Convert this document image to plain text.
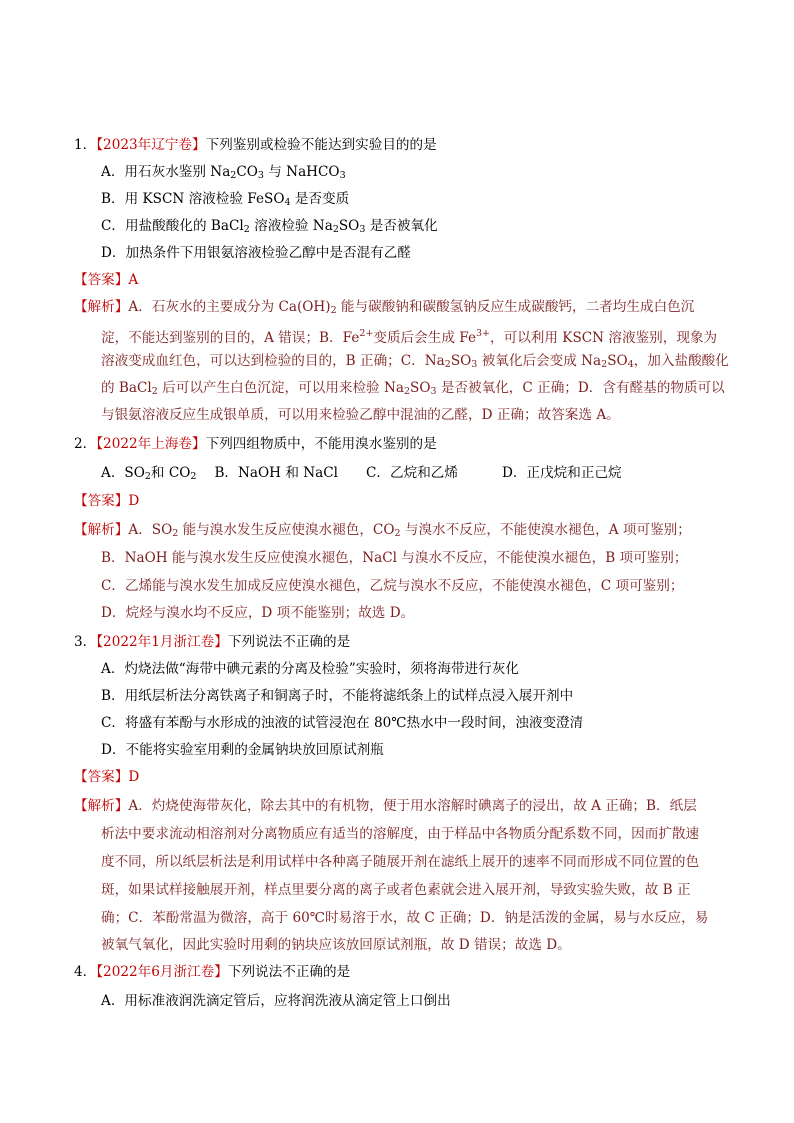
1．【2023年辽宁卷】下列鉴别或检验不能达到实验目的的是
A．用石灰水鉴别 $Na_2CO_3$ 与 NaHCO$_3$
B．用 KSCN 溶液检验 FeSO$_4$ 是否变质
C．用盐酸酸化的 BaCl$_2$ 溶液检验 $Na_2SO_3$ 是否被氧化
D．加热条件下用银氨溶液检验乙醇中是否混有乙醛
【答案】A
【解析】A．石灰水的主要成分为 $Ca(OH)_2$ 能与碳酸钠和碳酸氢钠反应生成碳酸钙，二者均生成白色沉
淀，不能达到鉴别的目的，A 错误；B．$Fe^{2+}$变质后会生成 $Fe^{3+}$，可以利用 KSCN 溶液鉴别，现象为
溶液变成血红色，可以达到检验的目的，B 正确；C．$Na_2SO_3$ 被氧化后会变成 $Na_2SO_4$，加入盐酸酸化
的 BaCl$_2$ 后可以产生白色沉淀，可以用来检验 $Na_2SO_3$ 是否被氧化，C 正确；D．含有醛基的物质可以
与银氨溶液反应生成银单质，可以用来检验乙醇中混油的乙醛，D 正确；故答案选 A。
2．【2022年上海卷】下列四组物质中，不能用溴水鉴别的是
A．$SO_2$和 $CO_2$ B．NaOH 和 NaCl C．乙烷和乙烯	D．正戊烷和正己烷
【答案】D
【解析】A．$SO_2$ 能与溴水发生反应使溴水褪色，$CO_2$ 与溴水不反应，不能使溴水褪色，A 项可鉴别；
B．NaOH 能与溴水发生反应使溴水褪色，NaCl 与溴水不反应，不能使溴水褪色，B 项可鉴别；
C．乙烯能与溴水发生加成反应使溴水褪色，乙烷与溴水不反应，不能使溴水褪色，C 项可鉴别；
D．烷烃与溴水均不反应，D 项不能鉴别；故选 D。
3．【2022年1月浙江卷】下列说法不正确的是
A．灼烧法做“海带中碘元素的分离及检验”实验时，须将海带进行灰化
B．用纸层析法分离铁离子和铜离子时，不能将滤纸条上的试样点浸入展开剂中
C．将盛有苯酚与水形成的浊液的试管浸泡在 80℃热水中一段时间，浊液变澄清
D．不能将实验室用剩的金属钠块放回原试剂瓶
【答案】D
【解析】A．灼烧使海带灰化，除去其中的有机物，便于用水溶解时碘离子的浸出，故 A 正确；B．纸层
析法中要求流动相溶剂对分离物质应有适当的溶解度，由于样品中各物质分配系数不同，因而扩散速
度不同，所以纸层析法是利用试样中各种离子随展开剂在滤纸上展开的速率不同而形成不同位置的色
斑，如果试样接触展开剂，样点里要分离的离子或者色素就会进入展开剂，导致实验失败，故 B 正
确；C．苯酚常温为微溶，高于 60℃时易溶于水，故 C 正确；D．钠是活泼的金属，易与水反应，易
被氧气氧化，因此实验时用剩的钠块应该放回原试剂瓶，故 D 错误；故选 D。
4．【2022年6月浙江卷】下列说法不正确的是
A．用标准液润洗滴定管后，应将润洗液从滴定管上口倒出
